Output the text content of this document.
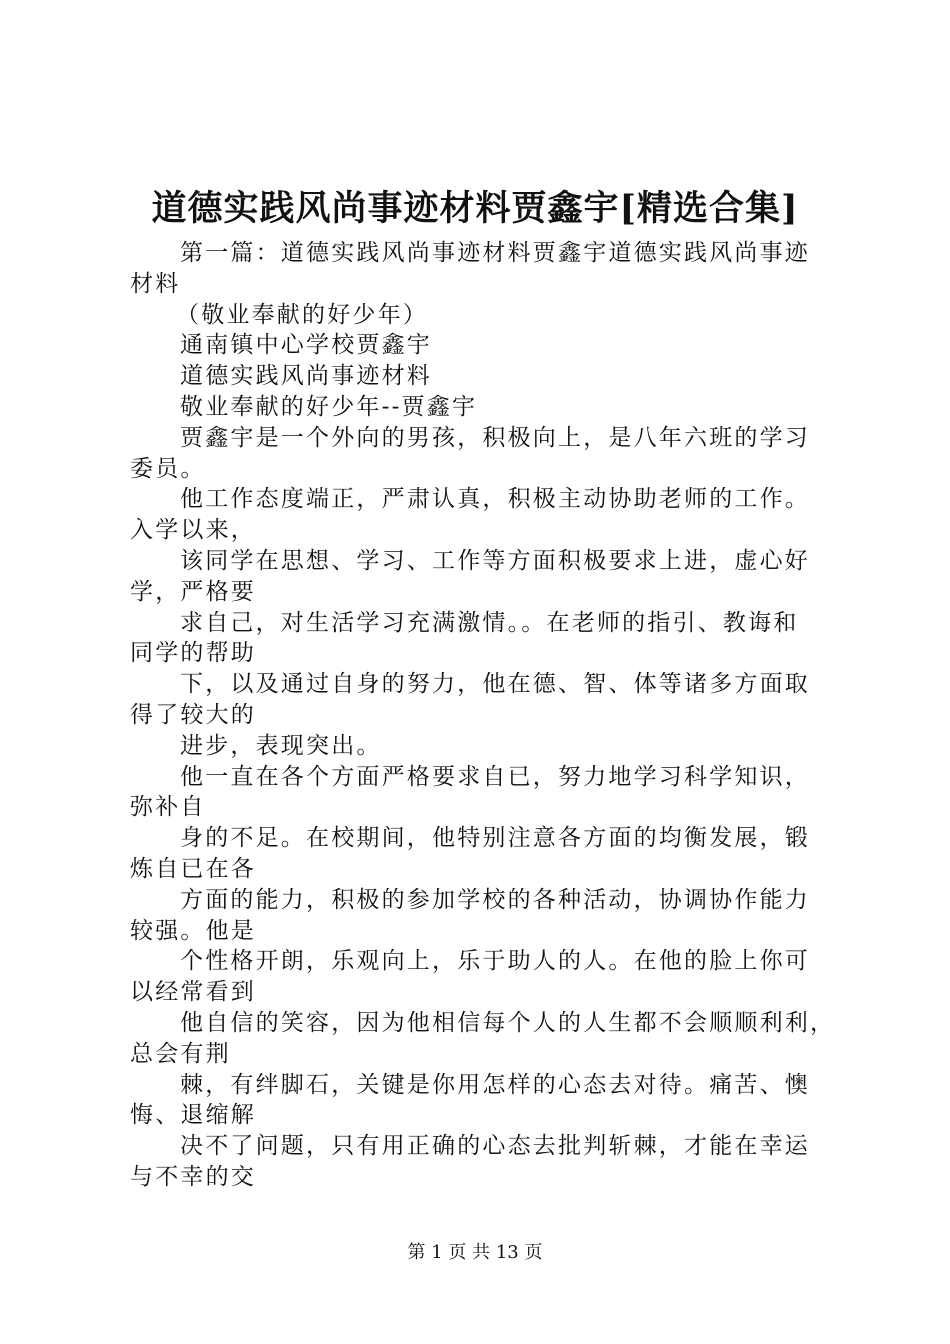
道德实践风尚事迹材料贾鑫宇[精选合集]
第一篇：道德实践风尚事迹材料贾鑫宇道德实践风尚事迹
材料
（敬业奉献的好少年）
通南镇中心学校贾鑫宇
道德实践风尚事迹材料
敬业奉献的好少年--贾鑫宇
贾鑫宇是一个外向的男孩，积极向上，是八年六班的学习
委员。
他工作态度端正，严肃认真，积极主动协助老师的工作。
入学以来，
该同学在思想、学习、工作等方面积极要求上进，虚心好
学，严格要
求自己，对生活学习充满激情。。在老师的指引、教诲和
同学的帮助
下，以及通过自身的努力，他在德、智、体等诸多方面取
得了较大的
进步，表现突出。
他一直在各个方面严格要求自已，努力地学习科学知识，
弥补自
身的不足。在校期间，他特别注意各方面的均衡发展，锻
炼自已在各
方面的能力，积极的参加学校的各种活动，协调协作能力
较强。他是
个性格开朗，乐观向上，乐于助人的人。在他的脸上你可
以经常看到
他自信的笑容，因为他相信每个人的人生都不会顺顺利利，
总会有荆
棘，有绊脚石，关键是你用怎样的心态去对待。痛苦、懊
悔、退缩解
决不了问题，只有用正确的心态去批判斩棘，才能在幸运
与不幸的交
第 1 页 共 13 页
